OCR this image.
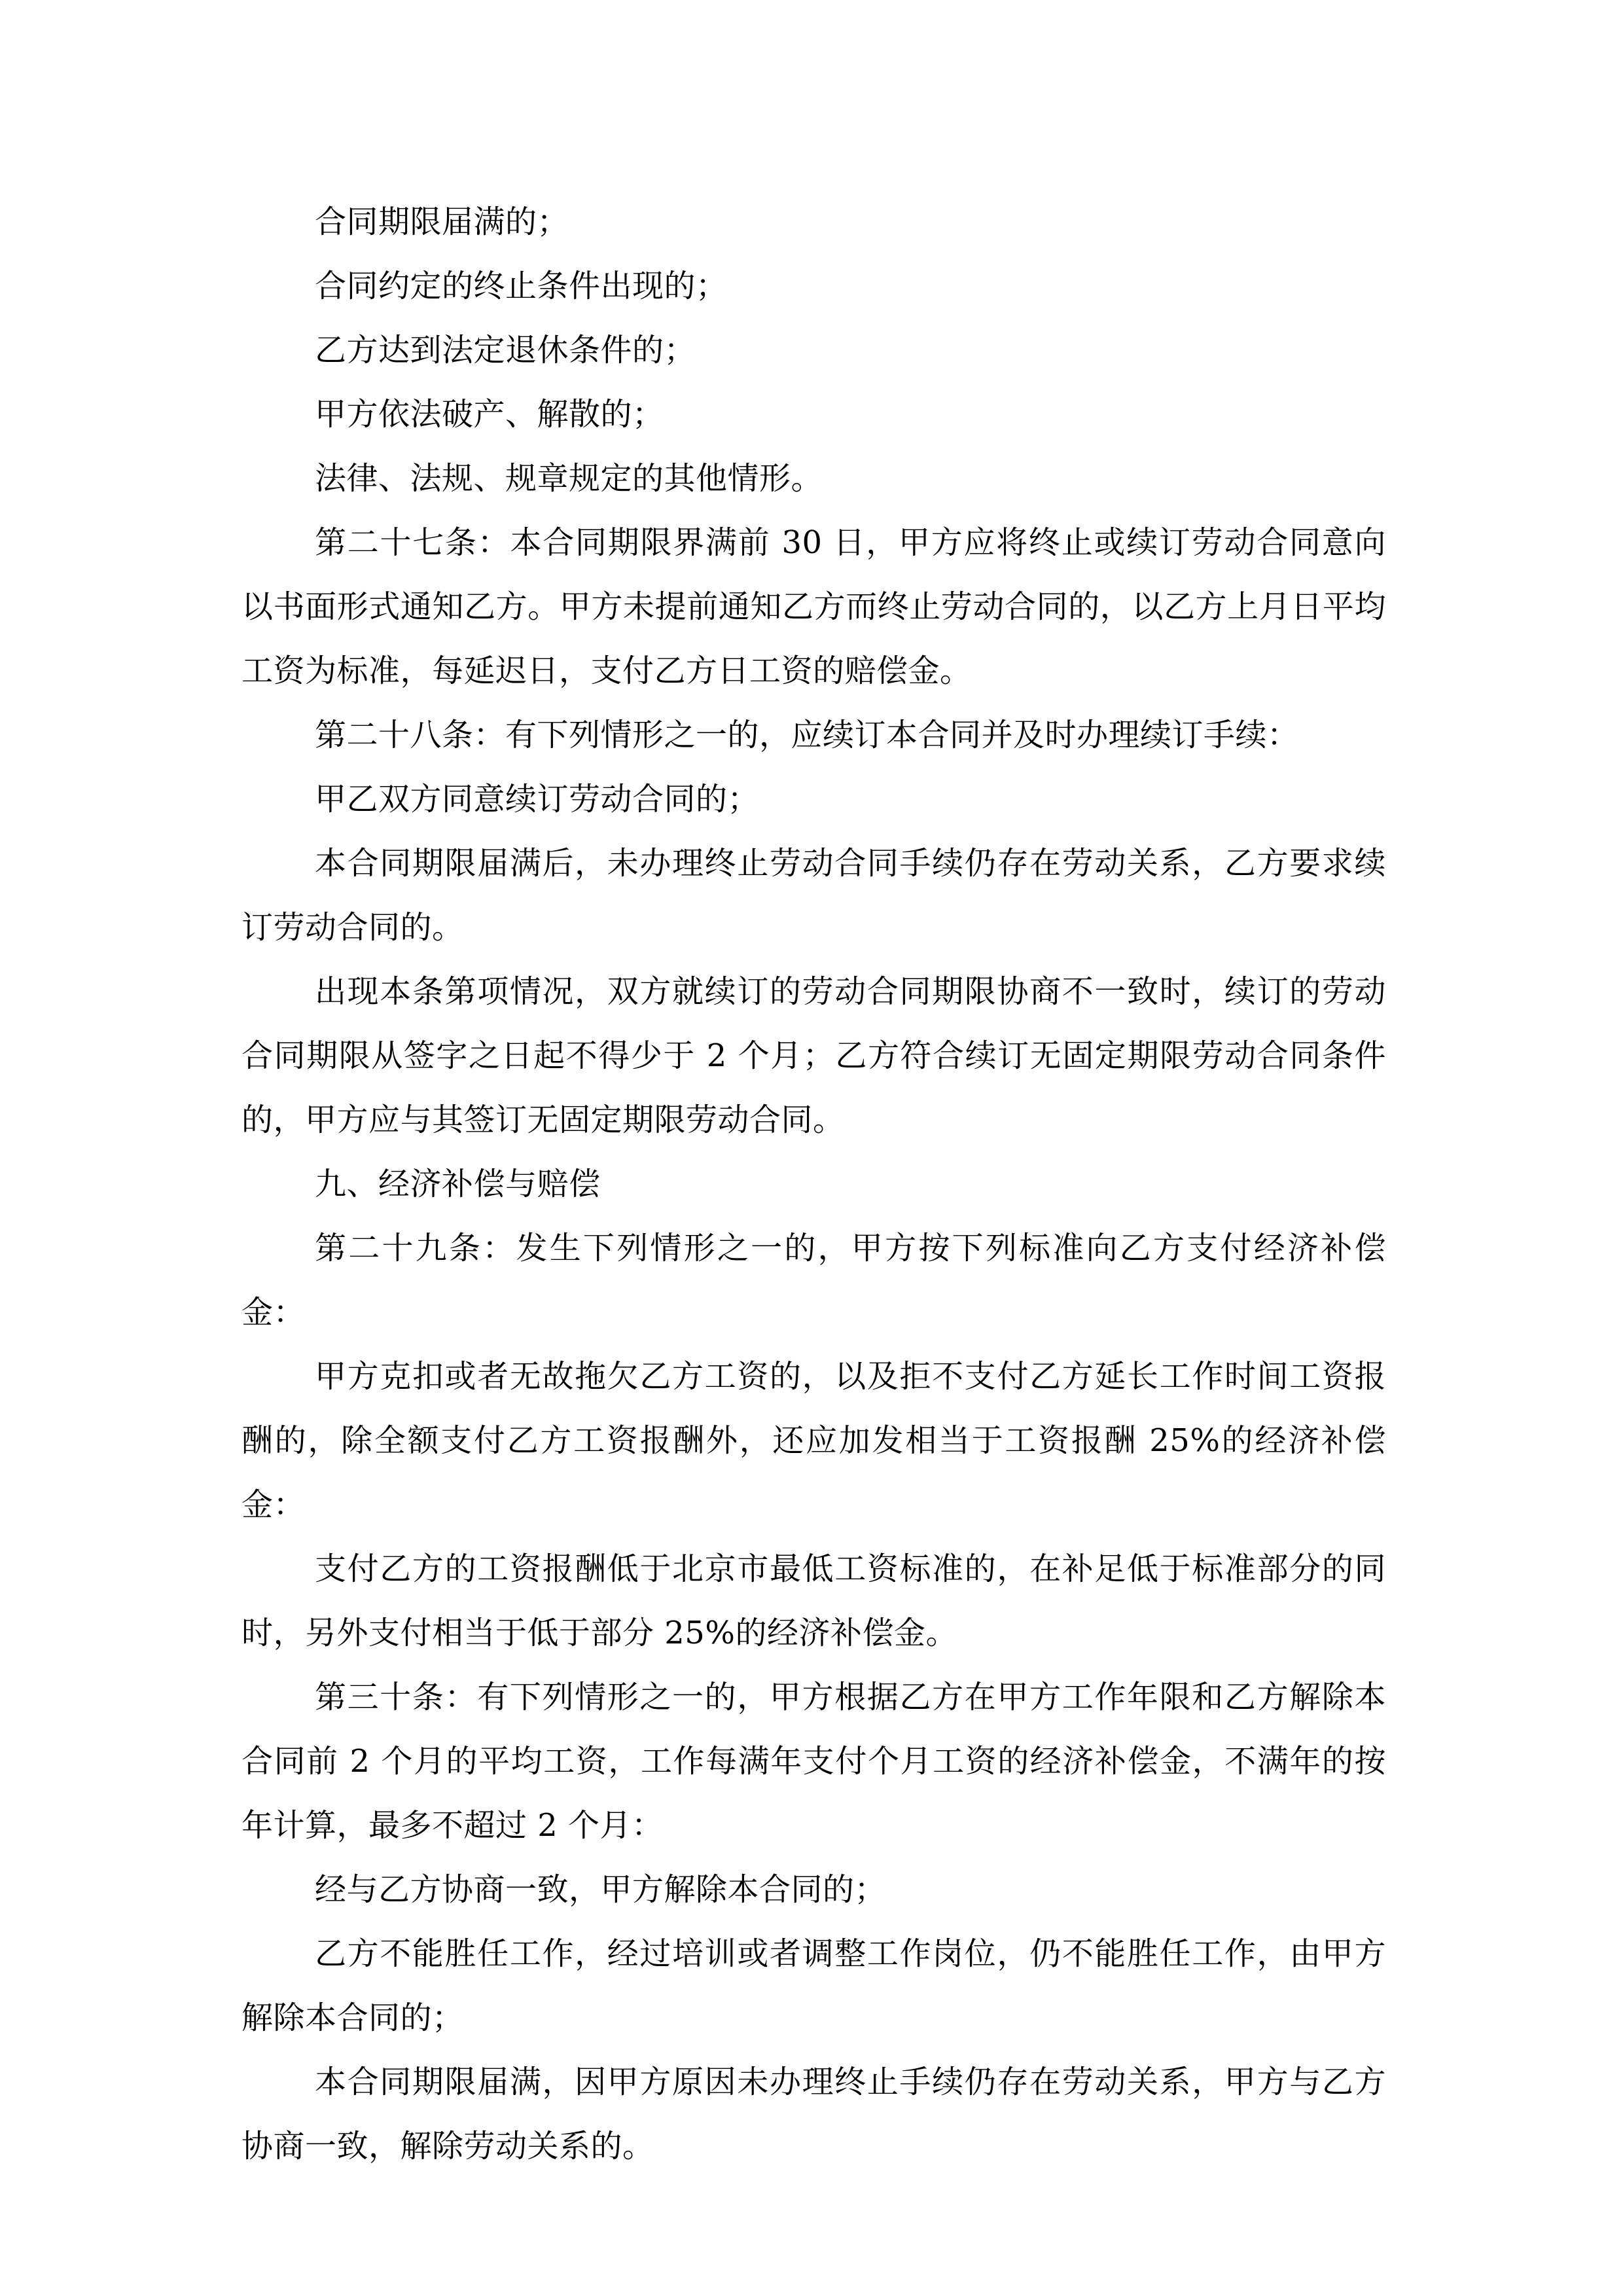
合同期限届满的；

合同约定的终止条件出现的；

乙方达到法定退休条件的；

甲方依法破产、解散的；

法律、法规、规章规定的其他情形。

第二十七条：本合同期限界满前 30 日，甲方应将终止或续订劳动合同意向以书面形式通知乙方。甲方未提前通知乙方而终止劳动合同的，以乙方上月日平均工资为标准，每延迟日，支付乙方日工资的赔偿金。

第二十八条：有下列情形之一的，应续订本合同并及时办理续订手续：

甲乙双方同意续订劳动合同的；

本合同期限届满后，未办理终止劳动合同手续仍存在劳动关系，乙方要求续订劳动合同的。

出现本条第项情况，双方就续订的劳动合同期限协商不一致时，续订的劳动合同期限从签字之日起不得少于 2 个月；乙方符合续订无固定期限劳动合同条件的，甲方应与其签订无固定期限劳动合同。

九、经济补偿与赔偿

第二十九条：发生下列情形之一的，甲方按下列标准向乙方支付经济补偿金：

甲方克扣或者无故拖欠乙方工资的，以及拒不支付乙方延长工作时间工资报酬的，除全额支付乙方工资报酬外，还应加发相当于工资报酬 25%的经济补偿金：

支付乙方的工资报酬低于北京市最低工资标准的，在补足低于标准部分的同时，另外支付相当于低于部分 25%的经济补偿金。

第三十条：有下列情形之一的，甲方根据乙方在甲方工作年限和乙方解除本合同前 2 个月的平均工资，工作每满年支付个月工资的经济补偿金，不满年的按年计算，最多不超过 2 个月：

经与乙方协商一致，甲方解除本合同的；

乙方不能胜任工作，经过培训或者调整工作岗位，仍不能胜任工作，由甲方解除本合同的；

本合同期限届满，因甲方原因未办理终止手续仍存在劳动关系，甲方与乙方协商一致，解除劳动关系的。
